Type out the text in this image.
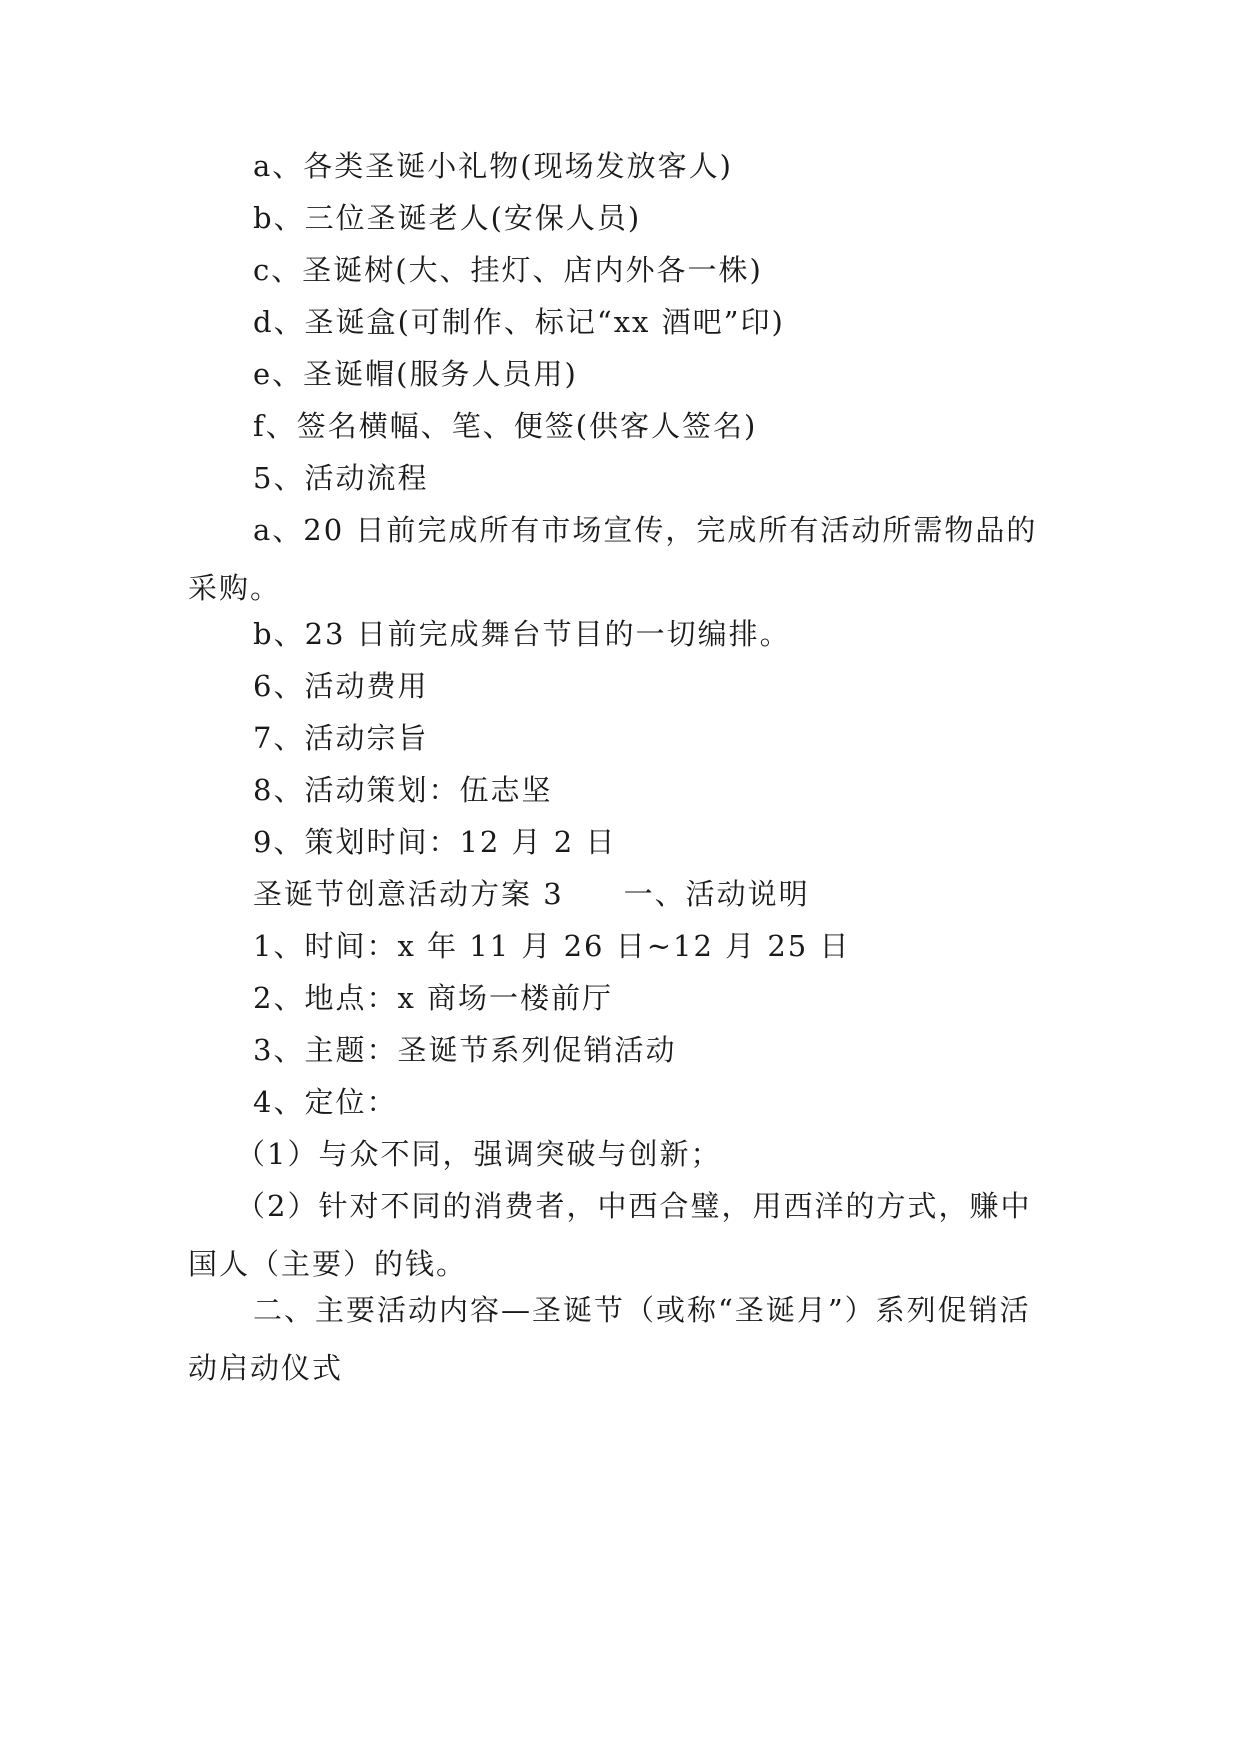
a、各类圣诞小礼物(现场发放客人)
b、三位圣诞老人(安保人员)
c、圣诞树(大、挂灯、店内外各一株)
d、圣诞盒(可制作、标记“xx 酒吧”印)
e、圣诞帽(服务人员用)
f、签名横幅、笔、便签(供客人签名)
5、活动流程
a、20 日前完成所有市场宣传，完成所有活动所需物品的采购。
b、23 日前完成舞台节目的一切编排。
6、活动费用
7、活动宗旨
8、活动策划：伍志坚
9、策划时间：12 月 2 日
圣诞节创意活动方案 3 一、活动说明
1、时间：x 年 11 月 26 日~12 月 25 日
2、地点：x 商场一楼前厅
3、主题：圣诞节系列促销活动
4、定位：
（1）与众不同，强调突破与创新；
（2）针对不同的消费者，中西合璧，用西洋的方式，赚中国人（主要）的钱。
二、主要活动内容—圣诞节（或称“圣诞月”）系列促销活动启动仪式
